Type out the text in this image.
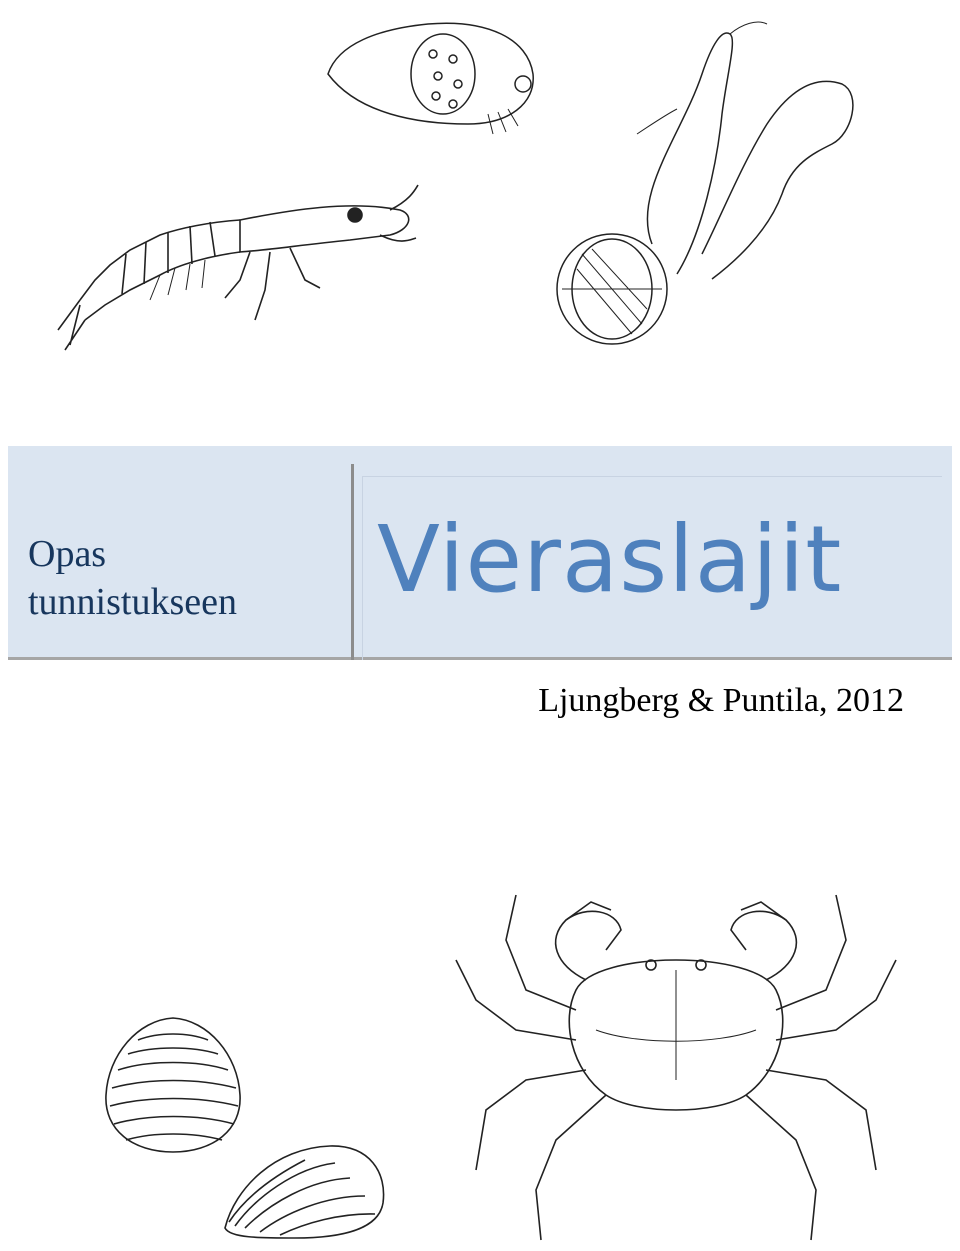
Opas
tunnistukseen Vieraslajit
Ljungberg & Puntila, 2012
